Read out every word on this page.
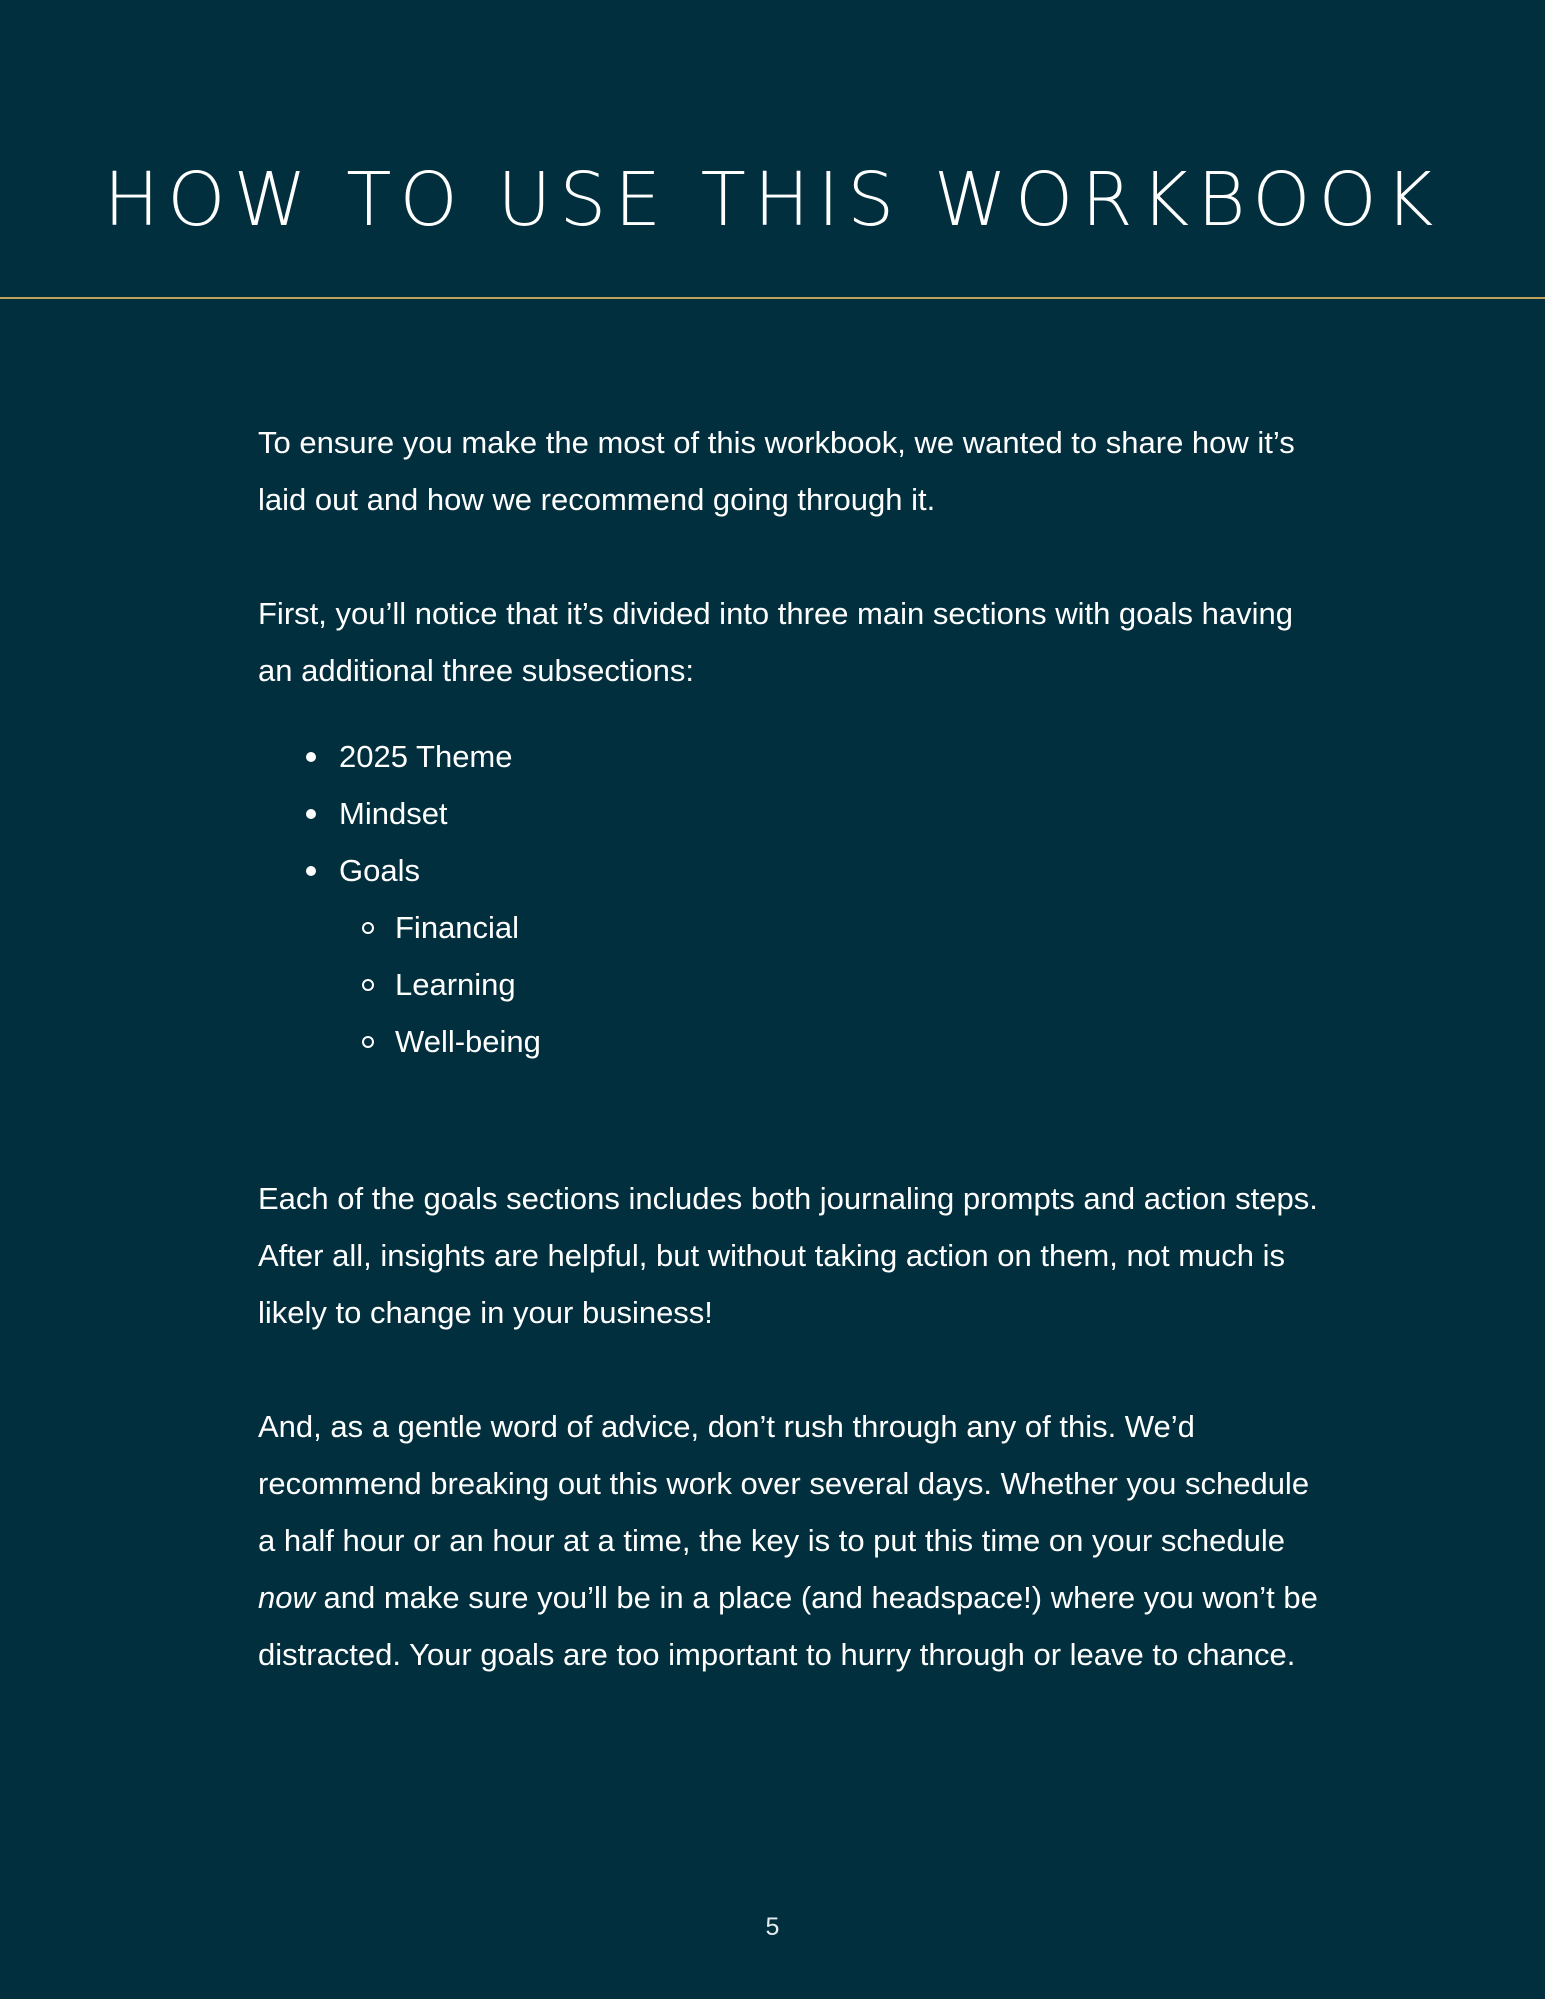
HOW TO USE THIS WORKBOOK

To ensure you make the most of this workbook, we wanted to share how it’s laid out and how we recommend going through it.

First, you’ll notice that it’s divided into three main sections with goals having an additional three subsections:

2025 Theme
Mindset
Goals
Financial
Learning
Well-being

Each of the goals sections includes both journaling prompts and action steps. After all, insights are helpful, but without taking action on them, not much is likely to change in your business!

And, as a gentle word of advice, don’t rush through any of this. We’d recommend breaking out this work over several days. Whether you schedule a half hour or an hour at a time, the key is to put this time on your schedule now and make sure you’ll be in a place (and headspace!) where you won’t be distracted. Your goals are too important to hurry through or leave to chance.

5
